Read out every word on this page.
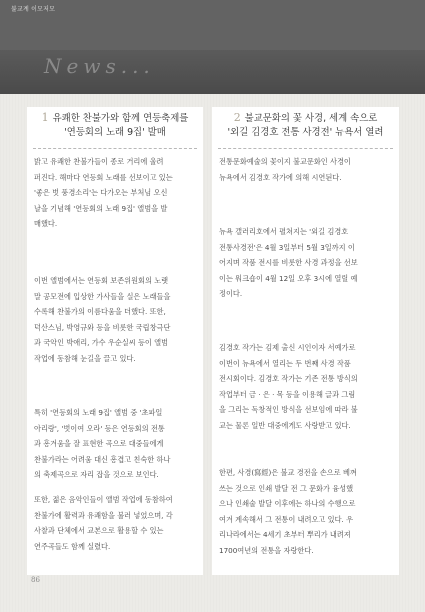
불교계 이모저모
News...
1 유쾌한 찬불가와 함께 연등축제를
'연등회의 노래 9집' 발매
밝고 유쾌한 찬불가들이 종로 거리에 울려
퍼진다. 해마다 연등회 노래를 선보이고 있는
'좋은 벗 풍경소리'는 다가오는 부처님 오신
날을 기념해 '연등회의 노래 9집' 앨범을 발
매했다.
이번 앨범에서는 연등회 보존위원회의 노랫
말 공모전에 입상한 가사들을 실은 노래들을
수록해 찬불가의 이름다움을 더했다. 또한,
덕산스님, 박영규와 등을 비롯한 국립창극단
과 국악인 박애리, 가수 우순실씨 등이 앨범
작업에 동참해 눈길을 끌고 있다.
특히 '연등회의 노래 9집' 앨범 중 '초파일
아리랑', '벗이여 오라' 등은 연등회의 전통
과 흥겨움을 잘 표현한 곡으로 대중들에게
찬불가라는 어려움 대신 흥겹고 친숙한 하나
의 축제곡으로 자리 잡을 것으로 보인다.
또한, 젊은 음악인들이 앨범 작업에 동참하여
찬불가에 활력과 유쾌함을 불러 넣었으며, 각
사찰과 단체에서 교본으로 활용할 수 있는
연주곡들도 함께 실렸다.
2 불교문화의 꽃 사경, 세계 속으로
'외길 김경호 전통 사경전' 뉴욕서 열려
전통문화예술의 꽃이지 불교문화인 사경이
뉴욕에서 김경호 작가에 의해 시연된다.
뉴욕 갤러리호에서 펼쳐지는 '외길 김경호
전통사경전'은 4월 3일부터 5월 3일까지 이
어지며 작품 전시를 비롯한 사경 과정을 선보
이는 워크숍이 4월 12일 오후 3시에 열릴 예
정이다.
김경호 작가는 김제 출신 시인이자 서예가로
이번이 뉴욕에서 열리는 두 번째 사경 작품
전시회이다. 김경호 작가는 기존 전통 방식의
작업부터 금 · 은 · 목 등을 이용해 글과 그림
을 그리는 독창적인 방식을 선보임에 따라 불
교는 물론 일반 대중에게도 사랑받고 있다.
한편, 사경(寫經)은 불교 경전을 손으로 베껴
쓰는 것으로 인쇄 발달 전 그 문화가 융성했
으나 인쇄술 발달 이후에는 하나의 수행으로
여겨 계속해서 그 전통이 내려오고 있다. 우
리나라에서는 4세기 초부터 뿌리가 내려져
1700여년의 전통을 자랑한다.
86
